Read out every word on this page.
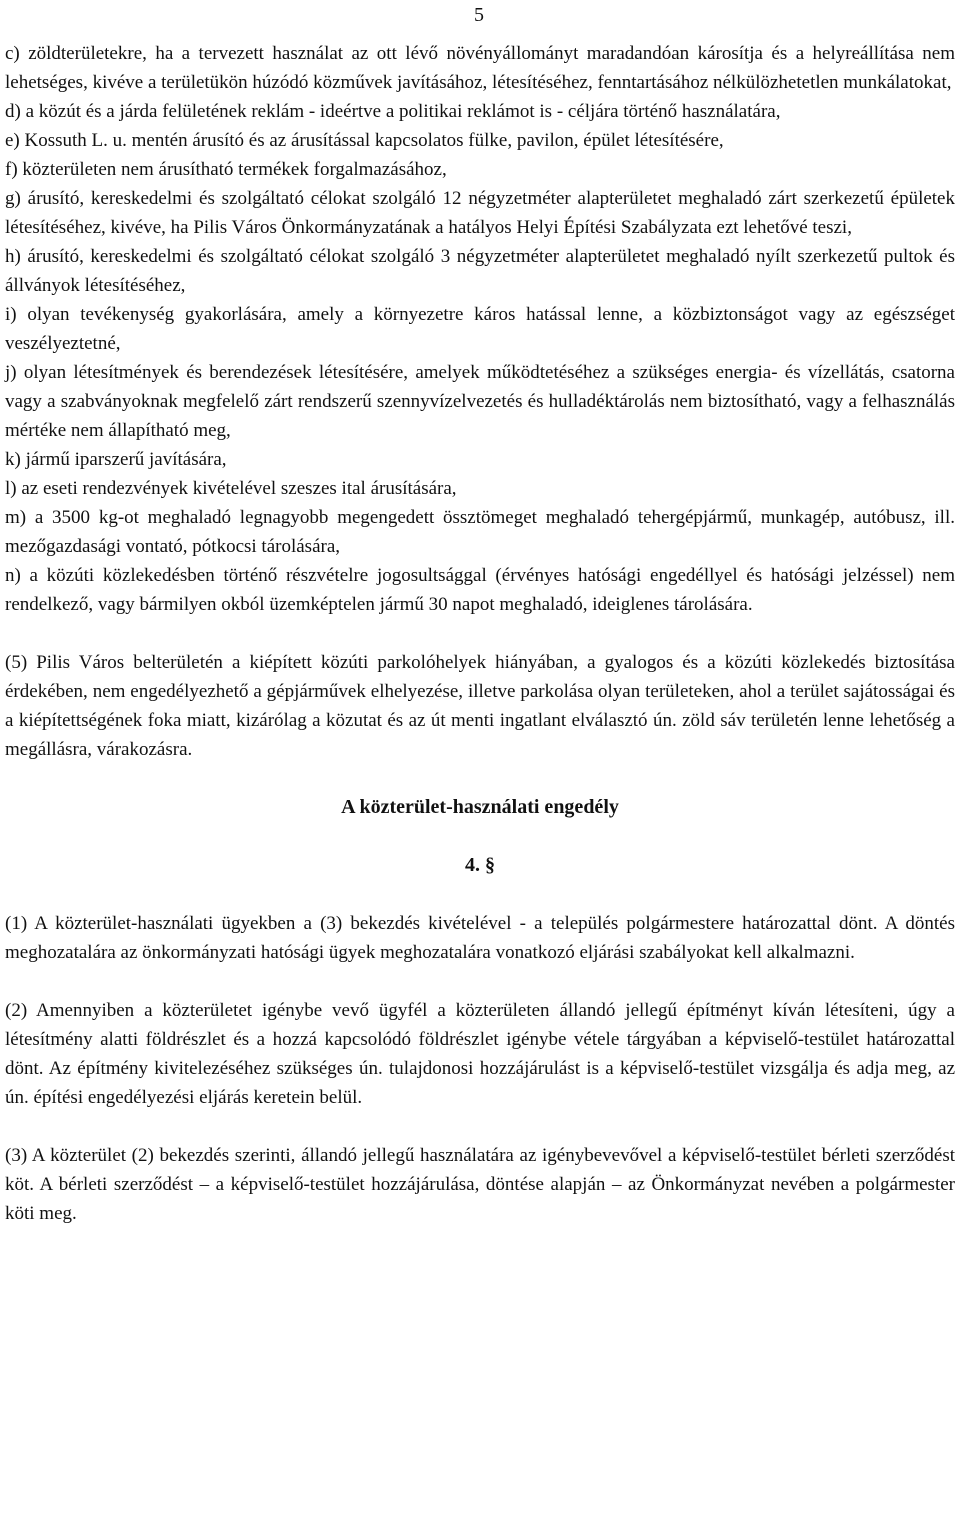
5

c) zöldterületekre, ha a tervezett használat az ott lévő növényállományt maradandóan károsítja és a helyreállítása nem lehetséges, kivéve a területükön húzódó közművek javításához, létesítéséhez, fenntartásához nélkülözhetetlen munkálatokat,

d) a közút és a járda felületének reklám - ideértve a politikai reklámot is - céljára történő használatára,

e) Kossuth L. u. mentén árusító és az árusítással kapcsolatos fülke, pavilon, épület létesítésére,

f) közterületen nem árusítható termékek forgalmazásához,

g) árusító, kereskedelmi és szolgáltató célokat szolgáló 12 négyzetméter alapterületet meghaladó zárt szerkezetű épületek létesítéséhez, kivéve, ha Pilis Város Önkormányzatának a hatályos Helyi Építési Szabályzata ezt lehetővé teszi,

h) árusító, kereskedelmi és szolgáltató célokat szolgáló 3 négyzetméter alapterületet meghaladó nyílt szerkezetű pultok és állványok létesítéséhez,

i) olyan tevékenység gyakorlására, amely a környezetre káros hatással lenne, a közbiztonságot vagy az egészséget veszélyeztetné,

j) olyan létesítmények és berendezések létesítésére, amelyek működtetéséhez a szükséges energia- és vízellátás, csatorna vagy a szabványoknak megfelelő zárt rendszerű szennyvízelvezetés és hulladéktárolás nem biztosítható, vagy a felhasználás mértéke nem állapítható meg,

k) jármű iparszerű javítására,

l) az eseti rendezvények kivételével szeszes ital árusítására,

m) a 3500 kg-ot meghaladó legnagyobb megengedett össztömeget meghaladó tehergépjármű, munkagép, autóbusz, ill. mezőgazdasági vontató, pótkocsi tárolására,

n) a közúti közlekedésben történő részvételre jogosultsággal (érvényes hatósági engedéllyel és hatósági jelzéssel) nem rendelkező, vagy bármilyen okból üzemképtelen jármű 30 napot meghaladó, ideiglenes tárolására.

(5) Pilis Város belterületén a kiépített közúti parkolóhelyek hiányában, a gyalogos és a közúti közlekedés biztosítása érdekében, nem engedélyezhető a gépjárművek elhelyezése, illetve parkolása olyan területeken, ahol a terület sajátosságai és a kiépítettségének foka miatt, kizárólag a közutat és az út menti ingatlant elválasztó ún. zöld sáv területén lenne lehetőség a megállásra, várakozásra.

A közterület-használati engedély

4. §

(1) A közterület-használati ügyekben a (3) bekezdés kivételével - a település polgármestere határozattal dönt. A döntés meghozatalára az önkormányzati hatósági ügyek meghozatalára vonatkozó eljárási szabályokat kell alkalmazni.

(2) Amennyiben a közterületet igénybe vevő ügyfél a közterületen állandó jellegű építményt kíván létesíteni, úgy a létesítmény alatti földrészlet és a hozzá kapcsolódó földrészlet igénybe vétele tárgyában a képviselő-testület határozattal dönt. Az építmény kivitelezéséhez szükséges ún. tulajdonosi hozzájárulást is a képviselő-testület vizsgálja és adja meg, az ún. építési engedélyezési eljárás keretein belül.

(3) A közterület (2) bekezdés szerinti, állandó jellegű használatára az igénybevevővel a képviselő-testület bérleti szerződést köt. A bérleti szerződést – a képviselő-testület hozzájárulása, döntése alapján – az Önkormányzat nevében a polgármester köti meg.
